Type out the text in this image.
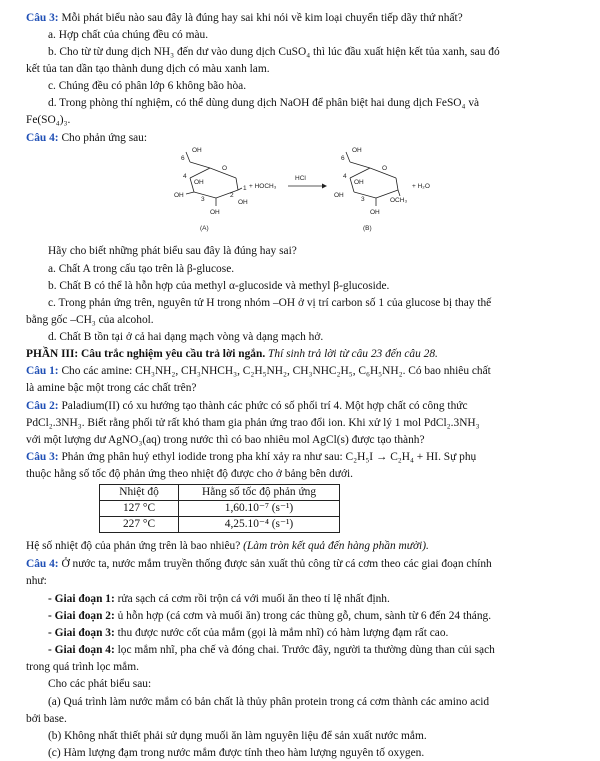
Câu 3: Mỗi phát biểu nào sau đây là đúng hay sai khi nói về kim loại chuyển tiếp dãy thứ nhất?
a. Hợp chất của chúng đều có màu.
b. Cho từ từ dung dịch NH₃ đến dư vào dung dịch CuSO₄ thì lúc đầu xuất hiện kết tủa xanh, sau đó
kết tủa tan dần tạo thành dung dịch có màu xanh lam.
c. Chúng đều có phân lớp 6 không bão hòa.
d. Trong phòng thí nghiệm, có thể dùng dung dịch NaOH để phân biệt hai dung dịch FeSO₄ và
Fe(SO₄)₃.
Câu 4: Cho phản ứng sau:
OH
6
O
4
OH
1
2
OH
3	OH
OH
(A)
+ HOCH₃
HCl
OH
6
O
4
OH
OH
3	OCH₃
OH
(B)
+ H₂O
Hãy cho biết những phát biểu sau đây là đúng hay sai?
a. Chất A trong cấu tạo trên là β-glucose.
b. Chất B có thể là hỗn hợp của methyl α-glucoside và methyl β-glucoside.
c. Trong phản ứng trên, nguyên tử H trong nhóm –OH ở vị trí carbon số 1 của glucose bị thay thế
bằng gốc –CH₃ của alcohol.
d. Chất B tồn tại ở cả hai dạng mạch vòng và dạng mạch hở.
PHẦN III: Câu trắc nghiệm yêu cầu trả lời ngắn. Thí sinh trả lời từ câu 23 đến câu 28.
Câu 1: Cho các amine: CH₃NH₂, CH₃NHCH₃, C₂H₅NH₂, CH₃NHC₂H₅, C₆H₅NH₂. Có bao nhiêu chất
là amine bậc một trong các chất trên?
Câu 2: Paladium(II) có xu hướng tạo thành các phức có số phối trí 4. Một hợp chất có công thức
PdCl₂.3NH₃. Biết rằng phối tử rất khó tham gia phản ứng trao đổi ion. Khi xử lý 1 mol PdCl₂.3NH₃
với một lượng dư AgNO₃(aq) trong nước thì có bao nhiêu mol AgCl(s) được tạo thành?
Câu 3: Phản ứng phân huỷ ethyl iodide trong pha khí xảy ra như sau: C₂H₅I → C₂H₄ + HI. Sự phụ
thuộc hằng số tốc độ phản ứng theo nhiệt độ được cho ở bảng bên dưới.
Nhiệt độ	Hằng số tốc độ phản ứng
127 °C	1,60.10⁻⁷ (s⁻¹)
227 °C	4,25.10⁻⁴ (s⁻¹)
Hệ số nhiệt độ của phản ứng trên là bao nhiêu? (Làm tròn kết quả đến hàng phần mười).
Câu 4: Ở nước ta, nước mắm truyền thống được sản xuất thủ công từ cá cơm theo các giai đoạn chính
như:
- Giai đoạn 1: rửa sạch cá cơm rồi trộn cá với muối ăn theo tỉ lệ nhất định.
- Giai đoạn 2: ủ hỗn hợp (cá cơm và muối ăn) trong các thùng gỗ, chum, sành từ 6 đến 24 tháng.
- Giai đoạn 3: thu được nước cốt của mắm (gọi là mắm nhĩ) có hàm lượng đạm rất cao.
- Giai đoạn 4: lọc mắm nhĩ, pha chế và đóng chai. Trước đây, người ta thường dùng than củi sạch
trong quá trình lọc mắm.
Cho các phát biểu sau:
(a) Quá trình làm nước mắm có bản chất là thủy phân protein trong cá cơm thành các amino acid
bởi base.
(b) Không nhất thiết phải sử dụng muối ăn làm nguyên liệu để sản xuất nước mắm.
(c) Hàm lượng đạm trong nước mắm được tính theo hàm lượng nguyên tố oxygen.
